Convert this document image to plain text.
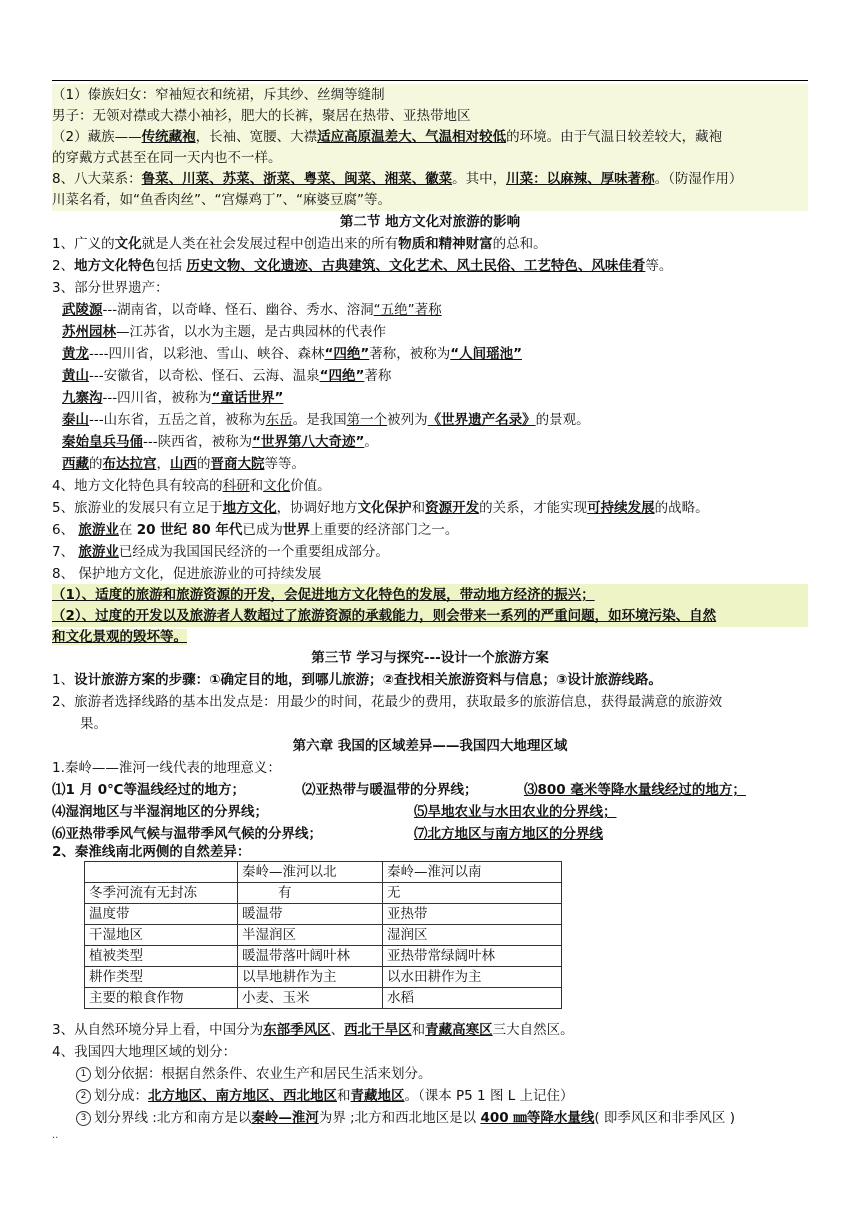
（1）傣族妇女：窄袖短衣和统裙，斥其纱、丝绸等缝制
男子：无领对襟或大襟小袖衫，肥大的长裤，聚居在热带、亚热带地区
（2）藏族——传统藏袍，长袖、宽腰、大襟适应高原温差大、气温相对较低的环境。由于气温日较差较大，藏袍
的穿戴方式甚至在同一天内也不一样。
8、八大菜系：鲁菜、川菜、苏菜、浙菜、粤菜、闽菜、湘菜、徽菜。其中，川菜：以麻辣、厚味著称。（防湿作用）
川菜名肴，如“鱼香肉丝”、“宫爆鸡丁”、“麻婆豆腐”等。
第二节 地方文化对旅游的影响
1、广义的文化就是人类在社会发展过程中创造出来的所有物质和精神财富的总和。
2、地方文化特色包括 历史文物、文化遗迹、古典建筑、文化艺术、风土民俗、工艺特色、风味佳肴等。
3、部分世界遗产：
武陵源---湖南省，以奇峰、怪石、幽谷、秀水、溶洞“五绝”著称
苏州园林—江苏省，以水为主题，是古典园林的代表作
黄龙----四川省，以彩池、雪山、峡谷、森林“四绝”著称，被称为“人间瑶池”
黄山---安徽省，以奇松、怪石、云海、温泉“四绝”著称
九寨沟---四川省，被称为“童话世界”
泰山---山东省，五岳之首，被称为东岳。是我国第一个被列为《世界遗产名录》的景观。
秦始皇兵马俑---陕西省，被称为“世界第八大奇迹”。
西藏的布达拉宫，山西的晋商大院等等。
4、地方文化特色具有较高的科研和文化价值。
5、旅游业的发展只有立足于地方文化，协调好地方文化保护和资源开发的关系，才能实现可持续发展的战略。
6、 旅游业在 20 世纪 80 年代已成为世界上重要的经济部门之一。
7、 旅游业已经成为我国国民经济的一个重要组成部分。
8、 保护地方文化，促进旅游业的可持续发展
（1）、适度的旅游和旅游资源的开发，会促进地方文化特色的发展，带动地方经济的振兴；
（2）、过度的开发以及旅游者人数超过了旅游资源的承载能力，则会带来一系列的严重问题，如环境污染、自然
和文化景观的毁坏等。
第三节 学习与探究---设计一个旅游方案
1、设计旅游方案的步骤：①确定目的地，到哪儿旅游；②查找相关旅游资料与信息；③设计旅游线路。
2、旅游者选择线路的基本出发点是：用最少的时间，花最少的费用，获取最多的旅游信息，获得最满意的旅游效
果。
第六章 我国的区域差异——我国四大地理区域
1.秦岭——淮河一线代表的地理意义：
⑴1 月 0℃等温线经过的地方；	⑵亚热带与暖温带的分界线；	⑶800 毫米等降水量线经过的地方；
⑷湿润地区与半湿润地区的分界线；	⑸旱地农业与水田农业的分界线；
⑹亚热带季风气候与温带季风气候的分界线；	⑺北方地区与南方地区的分界线
2、秦淮线南北两侧的自然差异：
	秦岭—淮河以北	秦岭—淮河以南
冬季河流有无封冻	有	无
温度带	暖温带	亚热带
干湿地区	半湿润区	湿润区
植被类型	暖温带落叶阔叶林	亚热带常绿阔叶林
耕作类型	以旱地耕作为主	以水田耕作为主
主要的粮食作物	小麦、玉米	水稻
3、从自然环境分异上看，中国分为东部季风区、西北干旱区和青藏高寒区三大自然区。
4、我国四大地理区域的划分：
1 划分依据：根据自然条件、农业生产和居民生活来划分。
2 划分成：北方地区、南方地区、西北地区和青藏地区。（课本 P5 1 图 L 上记住）
3 划分界线 :北方和南方是以秦岭—淮河为界 ;北方和西北地区是以 400 ㎜等降水量线( 即季风区和非季风区 )
..
